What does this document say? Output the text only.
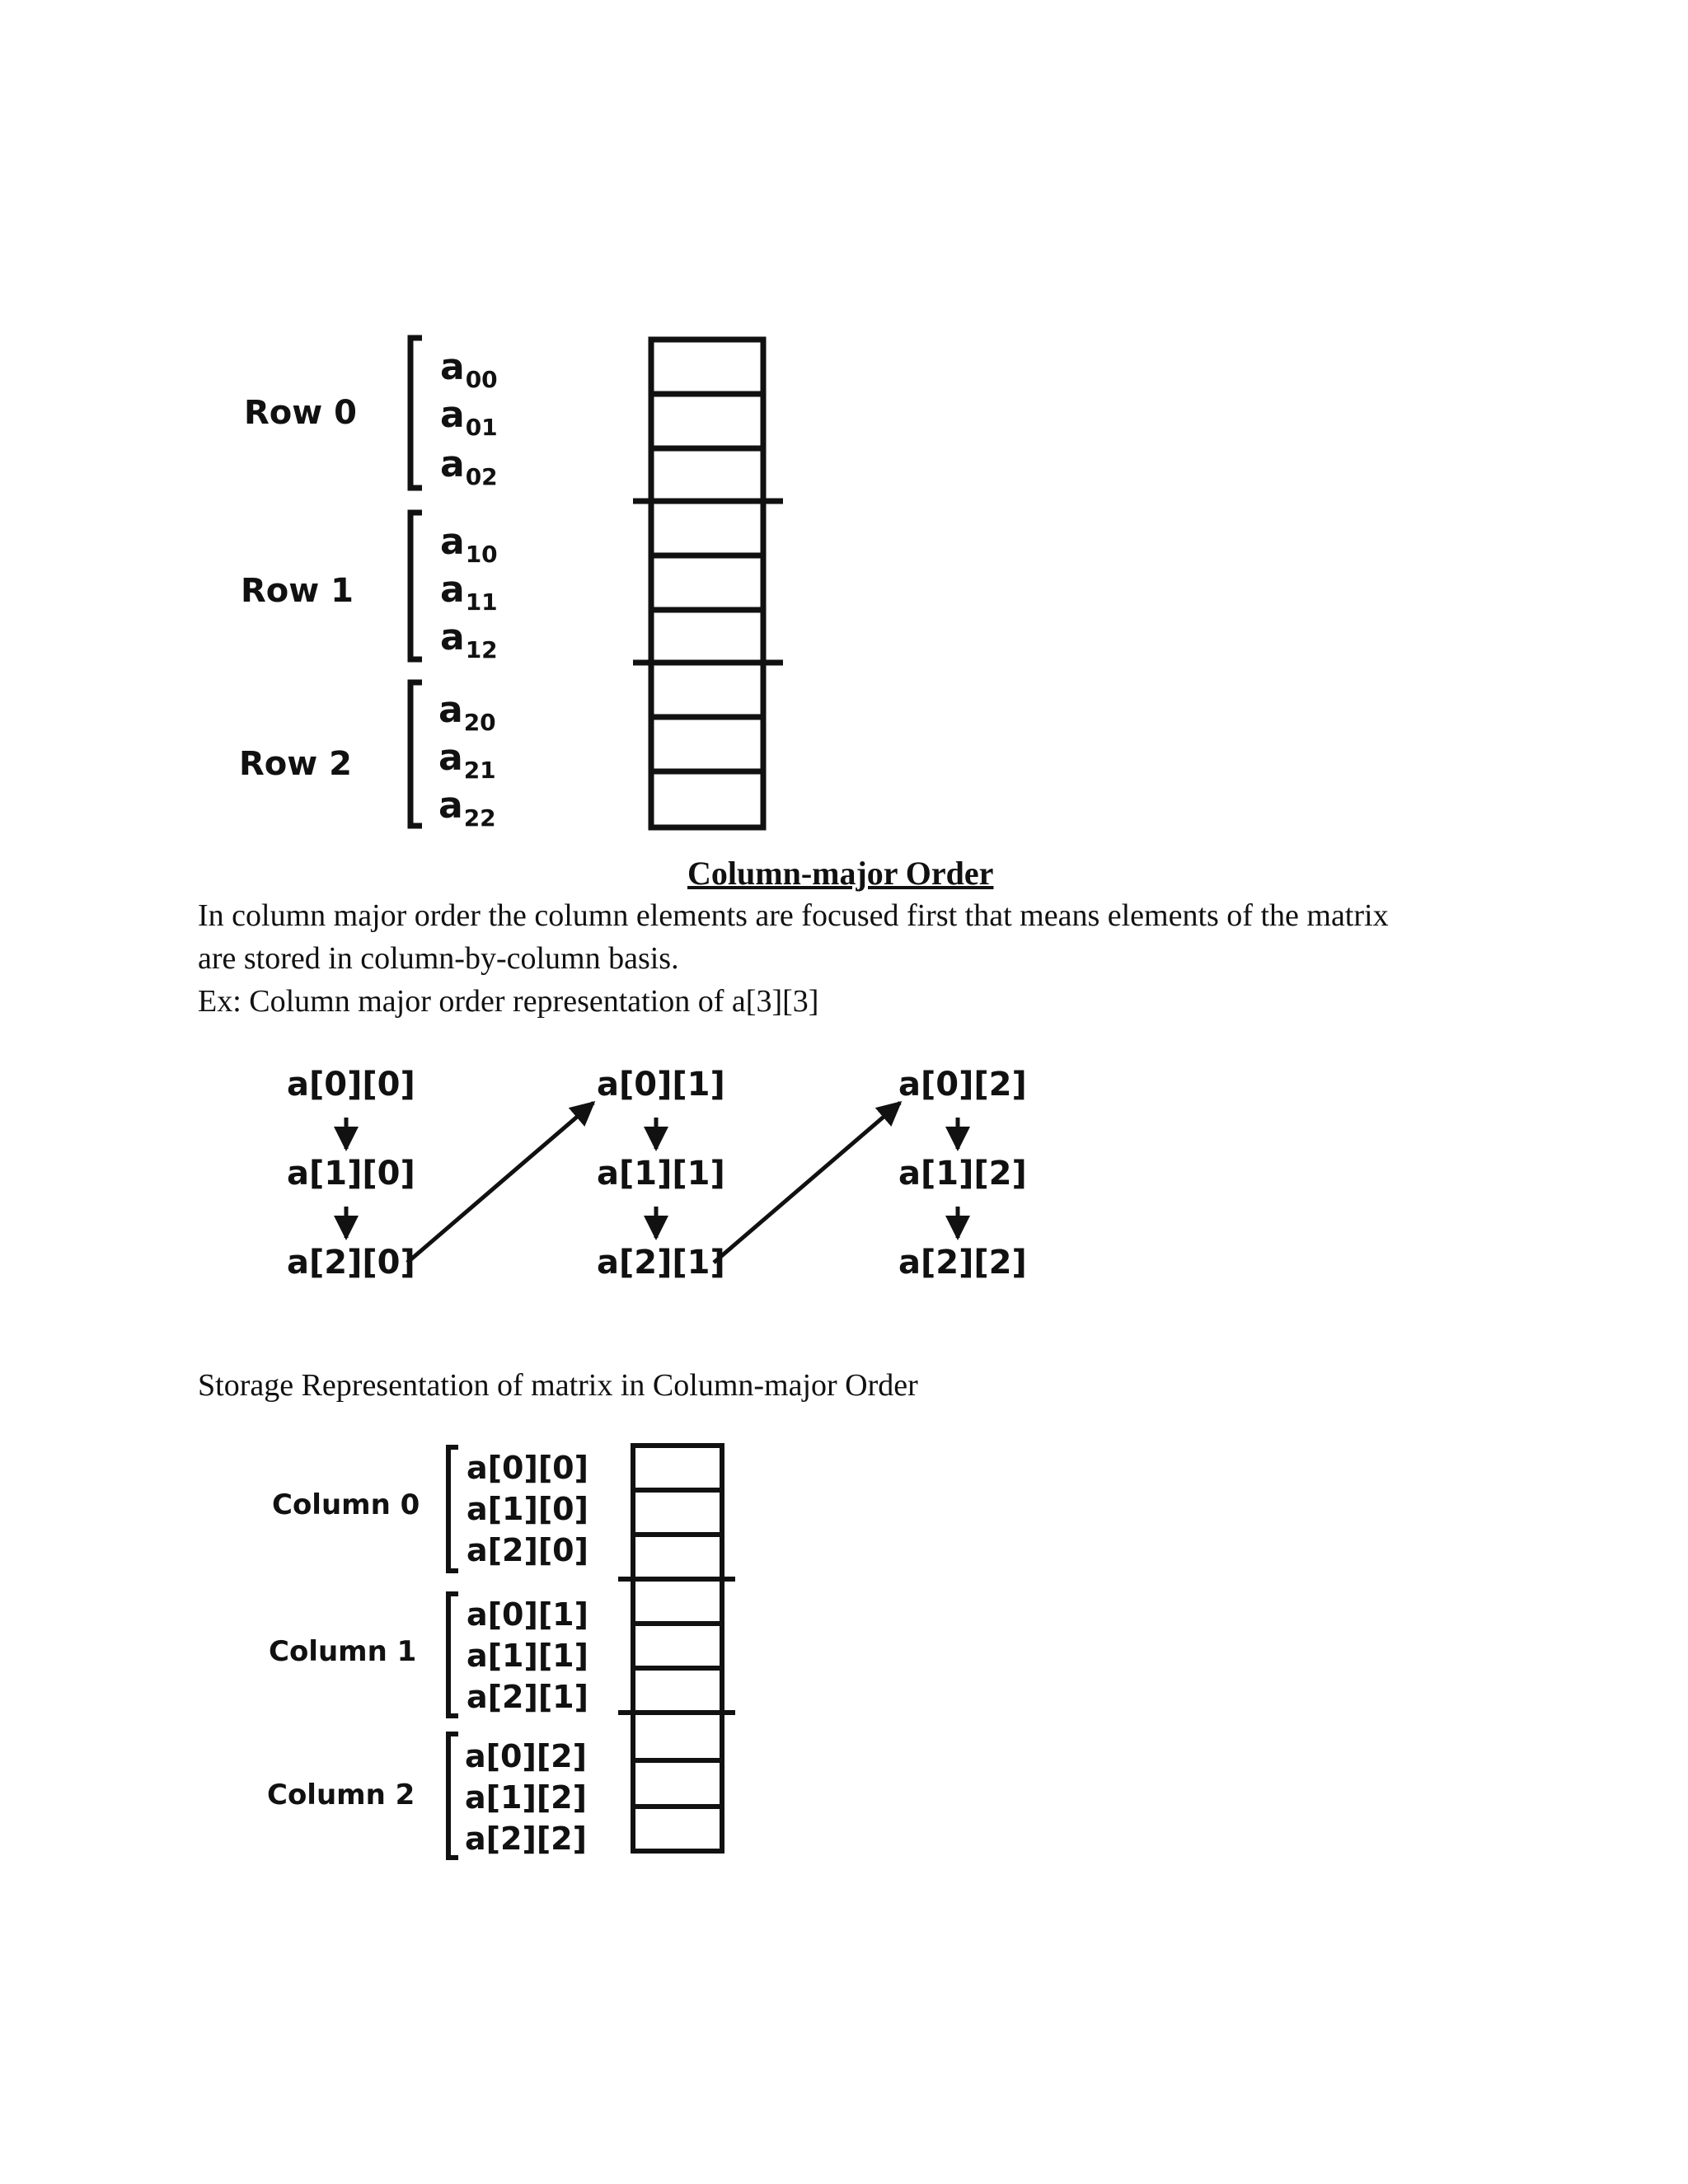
Row 0
Row 1
Row 2
$a_{00}$
$a_{01}$
$a_{02}$
$a_{10}$
$a_{11}$
$a_{12}$
$a_{20}$
$a_{21}$
$a_{22}$
Column-major Order
In column major order the column elements are focused first that means elements of the matrix
are stored in column-by-column basis.
Ex: Column major order representation of a[3][3]
a[0][0]
a[1][0]
a[2][0]
a[0][1]
a[1][1]
a[2][1]
a[0][2]
a[1][2]
a[2][2]
Storage Representation of matrix in Column-major Order
Column 0
Column 1
Column 2
a[0][0]
a[1][0]
a[2][0]
a[0][1]
a[1][1]
a[2][1]
a[0][2]
a[1][2]
a[2][2]
